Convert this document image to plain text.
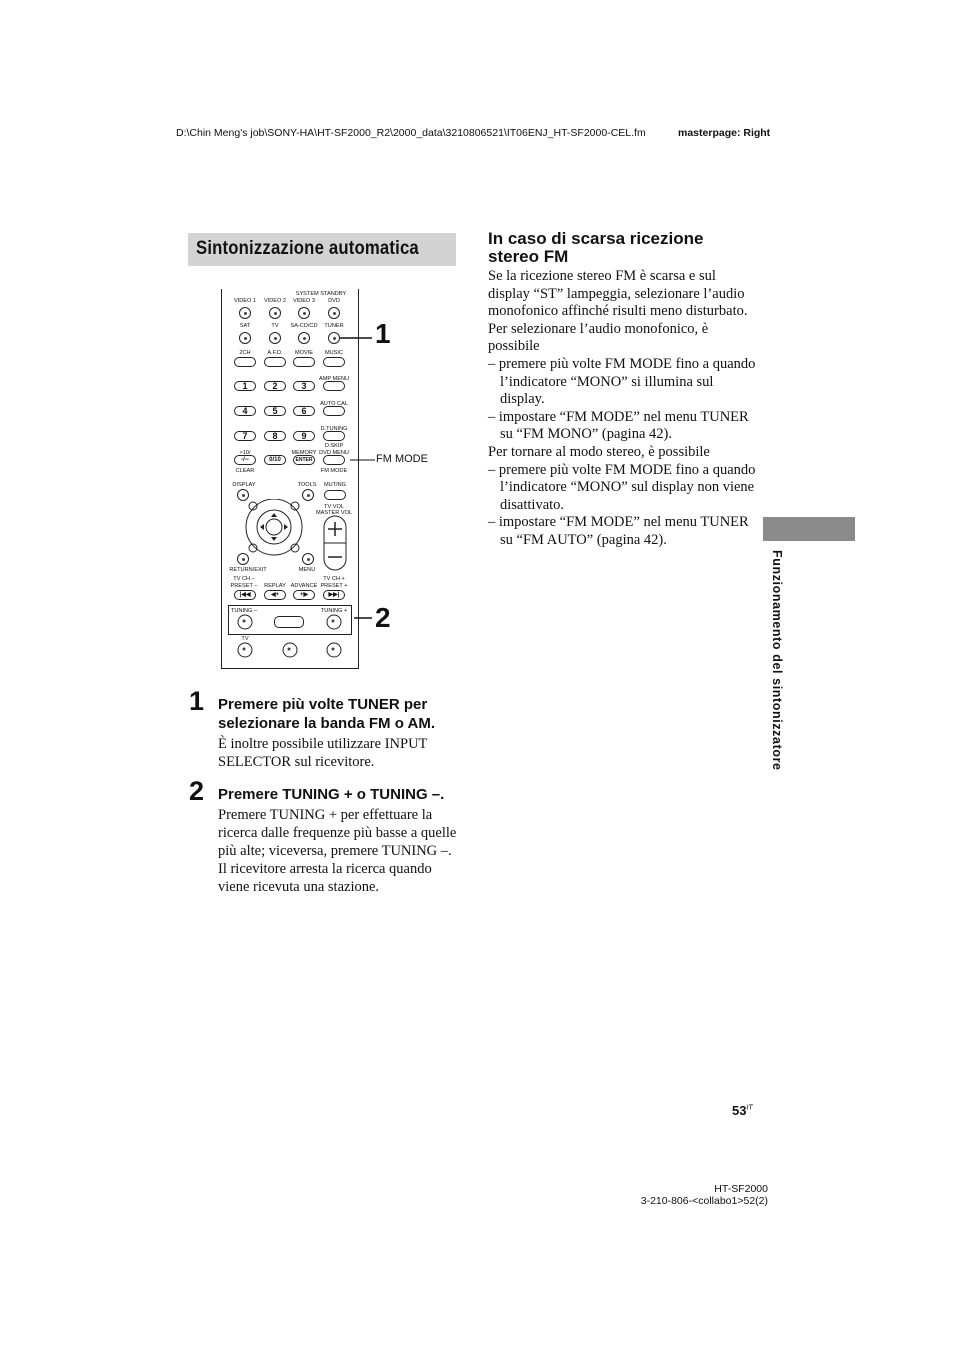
D:\Chin Meng's job\SONY-HA\HT-SF2000_R2\2000_data\3210806521\IT06ENJ_HT-SF2000-CEL.fm	masterpage: Right
Sintonizzazione automatica
SYSTEM STANDBY
VIDEO 1 VIDEO 2 VIDEO 3 DVD
SAT	TV SA-CD/CD TUNER
2CH	A.F.D. MOVIE MUSIC
AMP MENU
1	2	3
AUTO CAL
4	5	6
D.TUNING
7	8	9
D.SKIP
MEMORY DVD MENU
>10/
-/--	0/10	ENTER
CLEAR	FM MODE
DISPLAY	TOOLS MUTING
TV VOL
MASTER VOL
RETURN/EXIT	MENU
TV CH –	TV CH +
PRESET – REPLAY ADVANCE PRESET +
|◀◀	◀+	+▶	▶▶|
TUNING –	TUNING +
TV
1
2
FM MODE
1 Premere più volte TUNER per selezionare la banda FM o AM.
È inoltre possibile utilizzare INPUT SELECTOR sul ricevitore.
2 Premere TUNING + o TUNING –.
Premere TUNING + per effettuare la ricerca dalle frequenze più basse a quelle più alte; viceversa, premere TUNING –. Il ricevitore arresta la ricerca quando viene ricevuta una stazione.
In caso di scarsa ricezione stereo FM

Se la ricezione stereo FM è scarsa e sul display “ST” lampeggia, selezionare l’audio monofonico affinché risulti meno disturbato.

Per selezionare l’audio monofonico, è possibile

– premere più volte FM MODE fino a quando l’indicatore “MONO” si illumina sul display.

– impostare “FM MODE” nel menu TUNER su “FM MONO” (pagina 42).

Per tornare al modo stereo, è possibile

– premere più volte FM MODE fino a quando l’indicatore “MONO” sul display non viene disattivato.

– impostare “FM MODE” nel menu TUNER su “FM AUTO” (pagina 42).

Funzionamento del sintonizzatore
$53^{IT}$
HT-SF2000
3-210-806-<collabo1>52(2)
